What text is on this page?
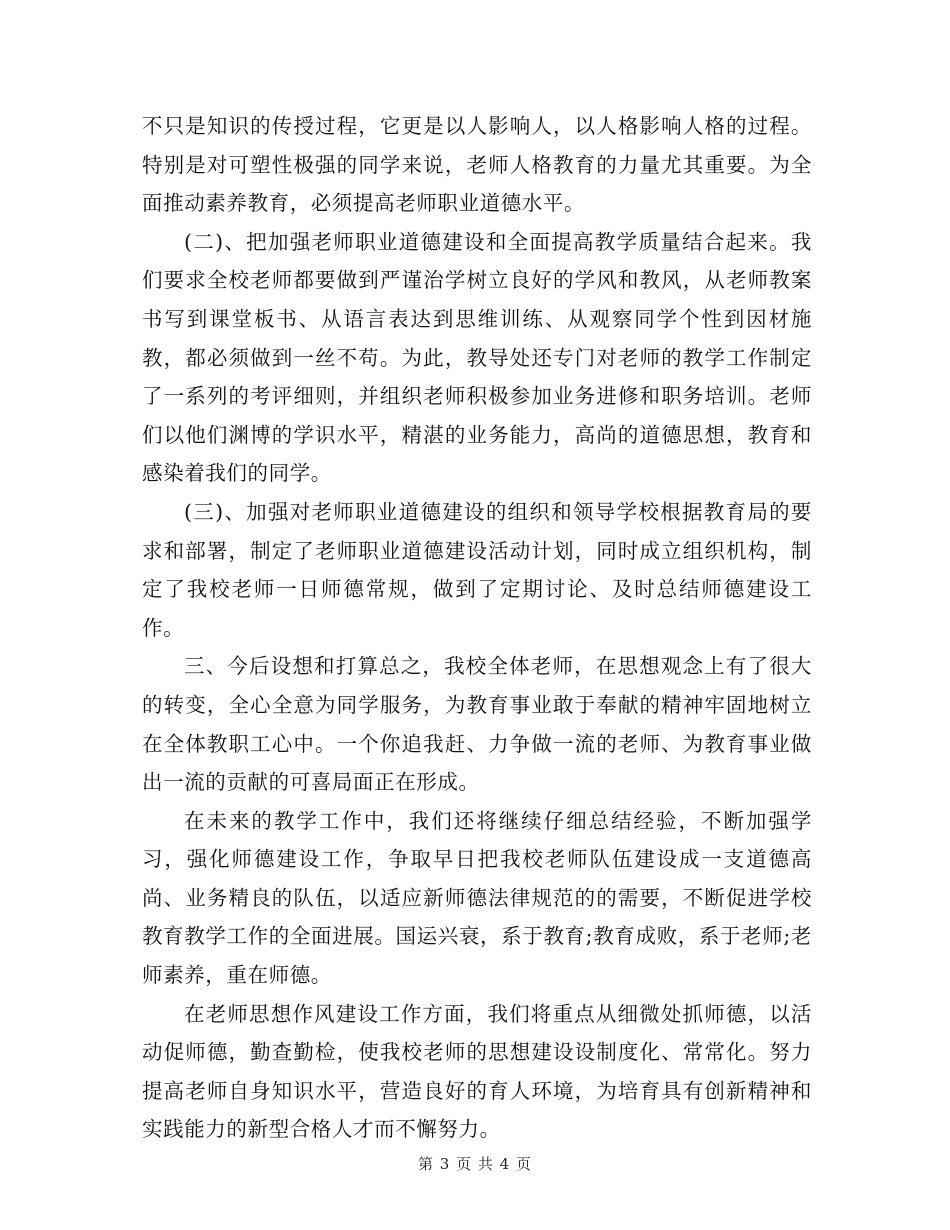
不只是知识的传授过程，它更是以人影响人，以人格影响人格的过程。特别是对可塑性极强的同学来说，老师人格教育的力量尤其重要。为全面推动素养教育，必须提高老师职业道德水平。

(二)、把加强老师职业道德建设和全面提高教学质量结合起来。我们要求全校老师都要做到严谨治学树立良好的学风和教风，从老师教案书写到课堂板书、从语言表达到思维训练、从观察同学个性到因材施教，都必须做到一丝不苟。为此，教导处还专门对老师的教学工作制定了一系列的考评细则，并组织老师积极参加业务进修和职务培训。老师们以他们渊博的学识水平，精湛的业务能力，高尚的道德思想，教育和感染着我们的同学。

(三)、加强对老师职业道德建设的组织和领导学校根据教育局的要求和部署，制定了老师职业道德建设活动计划，同时成立组织机构，制定了我校老师一日师德常规，做到了定期讨论、及时总结师德建设工作。

三、今后设想和打算总之，我校全体老师，在思想观念上有了很大的转变，全心全意为同学服务，为教育事业敢于奉献的精神牢固地树立在全体教职工心中。一个你追我赶、力争做一流的老师、为教育事业做出一流的贡献的可喜局面正在形成。

在未来的教学工作中，我们还将继续仔细总结经验，不断加强学习，强化师德建设工作，争取早日把我校老师队伍建设成一支道德高尚、业务精良的队伍，以适应新师德法律规范的的需要，不断促进学校教育教学工作的全面进展。国运兴衰，系于教育;教育成败，系于老师;老师素养，重在师德。

在老师思想作风建设工作方面，我们将重点从细微处抓师德，以活动促师德，勤查勤检，使我校老师的思想建设设制度化、常常化。努力提高老师自身知识水平，营造良好的育人环境，为培育具有创新精神和实践能力的新型合格人才而不懈努力。

第 3 页 共 4 页
